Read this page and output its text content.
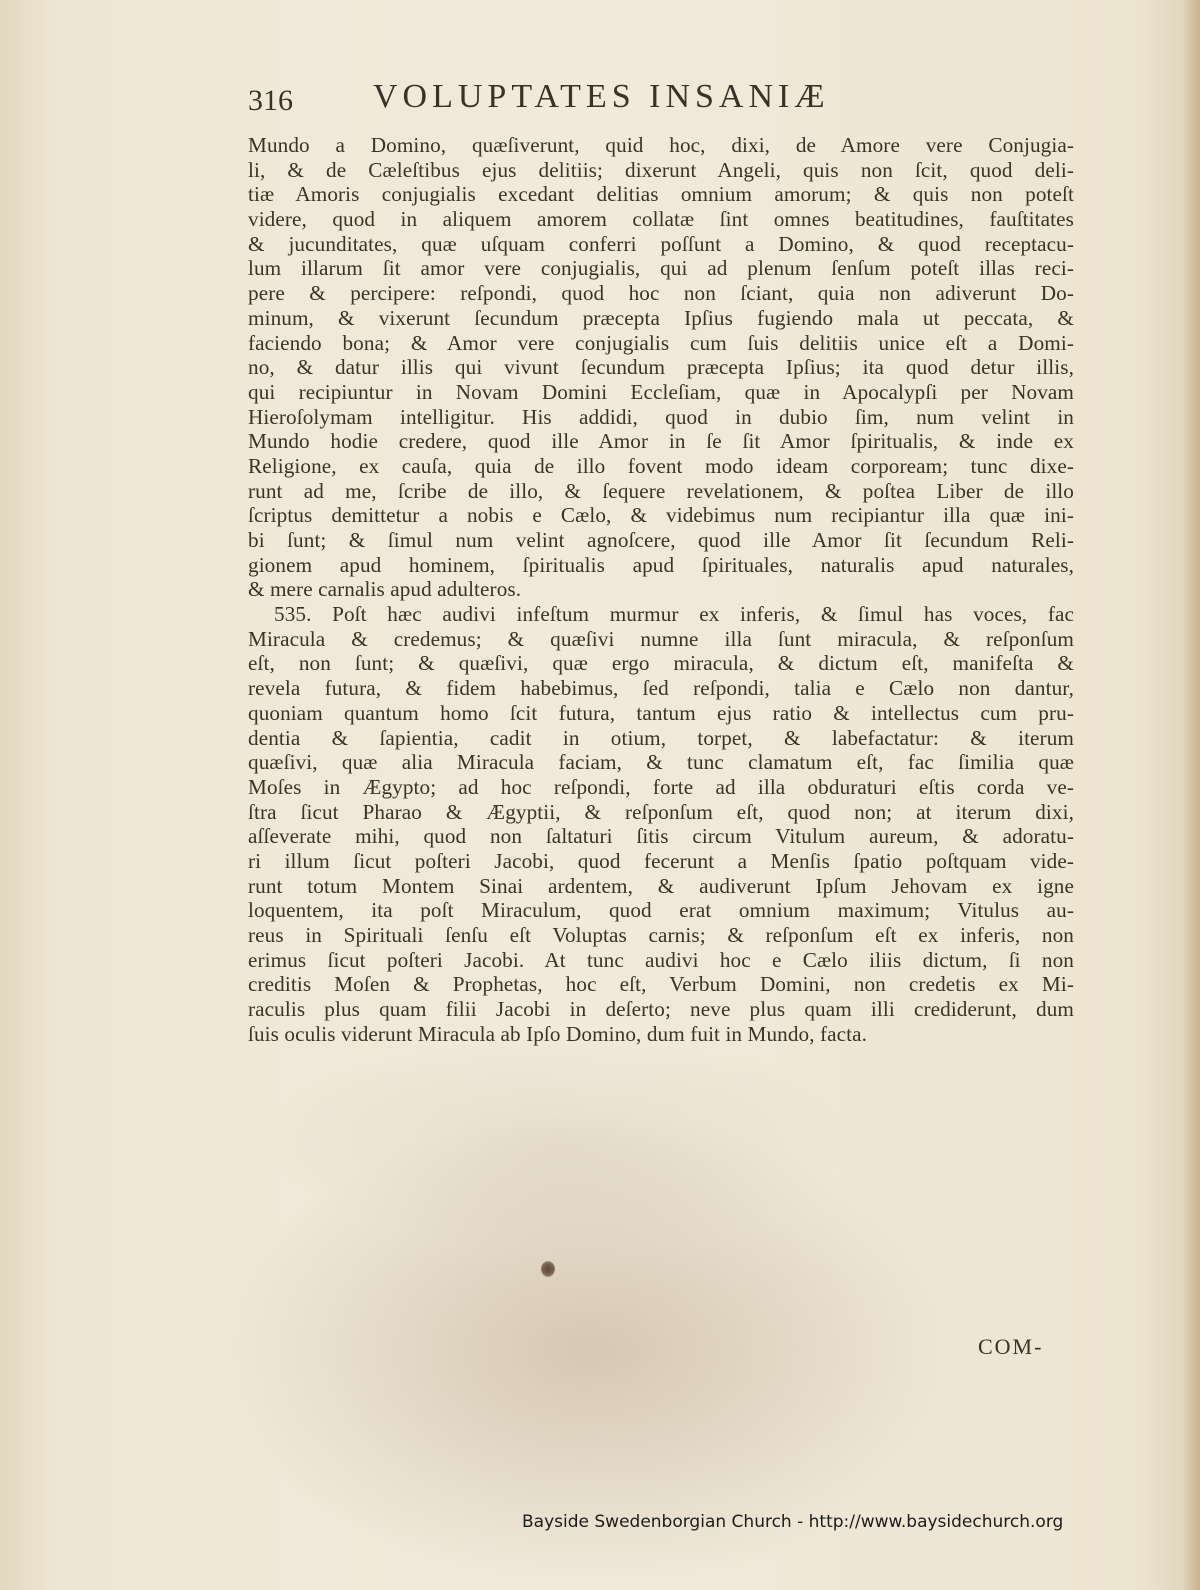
316 VOLUPTATES INSANIÆ
Mundo a Domino, quæſiverunt, quid hoc, dixi, de Amore vere Conjugia-
li, & de Cæleſtibus ejus delitiis; dixerunt Angeli, quis non ſcit, quod deli-
tiæ Amoris conjugialis excedant delitias omnium amorum; & quis non poteſt
videre, quod in aliquem amorem collatæ ſint omnes beatitudines, fauſtitates
& jucunditates, quæ uſquam conferri poſſunt a Domino, & quod receptacu-
lum illarum ſit amor vere conjugialis, qui ad plenum ſenſum poteſt illas reci-
pere & percipere: reſpondi, quod hoc non ſciant, quia non adiverunt Do-
minum, & vixerunt ſecundum præcepta Ipſius fugiendo mala ut peccata, &
faciendo bona; & Amor vere conjugialis cum ſuis delitiis unice eſt a Domi-
no, & datur illis qui vivunt ſecundum præcepta Ipſius; ita quod detur illis,
qui recipiuntur in Novam Domini Eccleſiam, quæ in Apocalypſi per Novam
Hieroſolymam intelligitur. His addidi, quod in dubio ſim, num velint in
Mundo hodie credere, quod ille Amor in ſe ſit Amor ſpiritualis, & inde ex
Religione, ex cauſa, quia de illo fovent modo ideam corpoream; tunc dixe-
runt ad me, ſcribe de illo, & ſequere revelationem, & poſtea Liber de illo
ſcriptus demittetur a nobis e Cælo, & videbimus num recipiantur illa quæ ini-
bi ſunt; & ſimul num velint agnoſcere, quod ille Amor ſit ſecundum Reli-
gionem apud hominem, ſpiritualis apud ſpirituales, naturalis apud naturales,
& mere carnalis apud adulteros.
535. Poſt hæc audivi infeſtum murmur ex inferis, & ſimul has voces, fac
Miracula & credemus; & quæſivi numne illa ſunt miracula, & reſponſum
eſt, non ſunt; & quæſivi, quæ ergo miracula, & dictum eſt, manifeſta &
revela futura, & fidem habebimus, ſed reſpondi, talia e Cælo non dantur,
quoniam quantum homo ſcit futura, tantum ejus ratio & intellectus cum pru-
dentia & ſapientia, cadit in otium, torpet, & labefactatur: & iterum
quæſivi, quæ alia Miracula faciam, & tunc clamatum eſt, fac ſimilia quæ
Moſes in Ægypto; ad hoc reſpondi, forte ad illa obduraturi eſtis corda ve-
ſtra ſicut Pharao & Ægyptii, & reſponſum eſt, quod non; at iterum dixi,
aſſeverate mihi, quod non ſaltaturi ſitis circum Vitulum aureum, & adoratu-
ri illum ſicut poſteri Jacobi, quod fecerunt a Menſis ſpatio poſtquam vide-
runt totum Montem Sinai ardentem, & audiverunt Ipſum Jehovam ex igne
loquentem, ita poſt Miraculum, quod erat omnium maximum; Vitulus au-
reus in Spirituali ſenſu eſt Voluptas carnis; & reſponſum eſt ex inferis, non
erimus ſicut poſteri Jacobi. At tunc audivi hoc e Cælo iliis dictum, ſi non
creditis Moſen & Prophetas, hoc eſt, Verbum Domini, non credetis ex Mi-
raculis plus quam filii Jacobi in deſerto; neve plus quam illi crediderunt, dum
ſuis oculis viderunt Miracula ab Ipſo Domino, dum fuit in Mundo, facta.
COM-
Bayside Swedenborgian Church - http://www.baysidechurch.org
